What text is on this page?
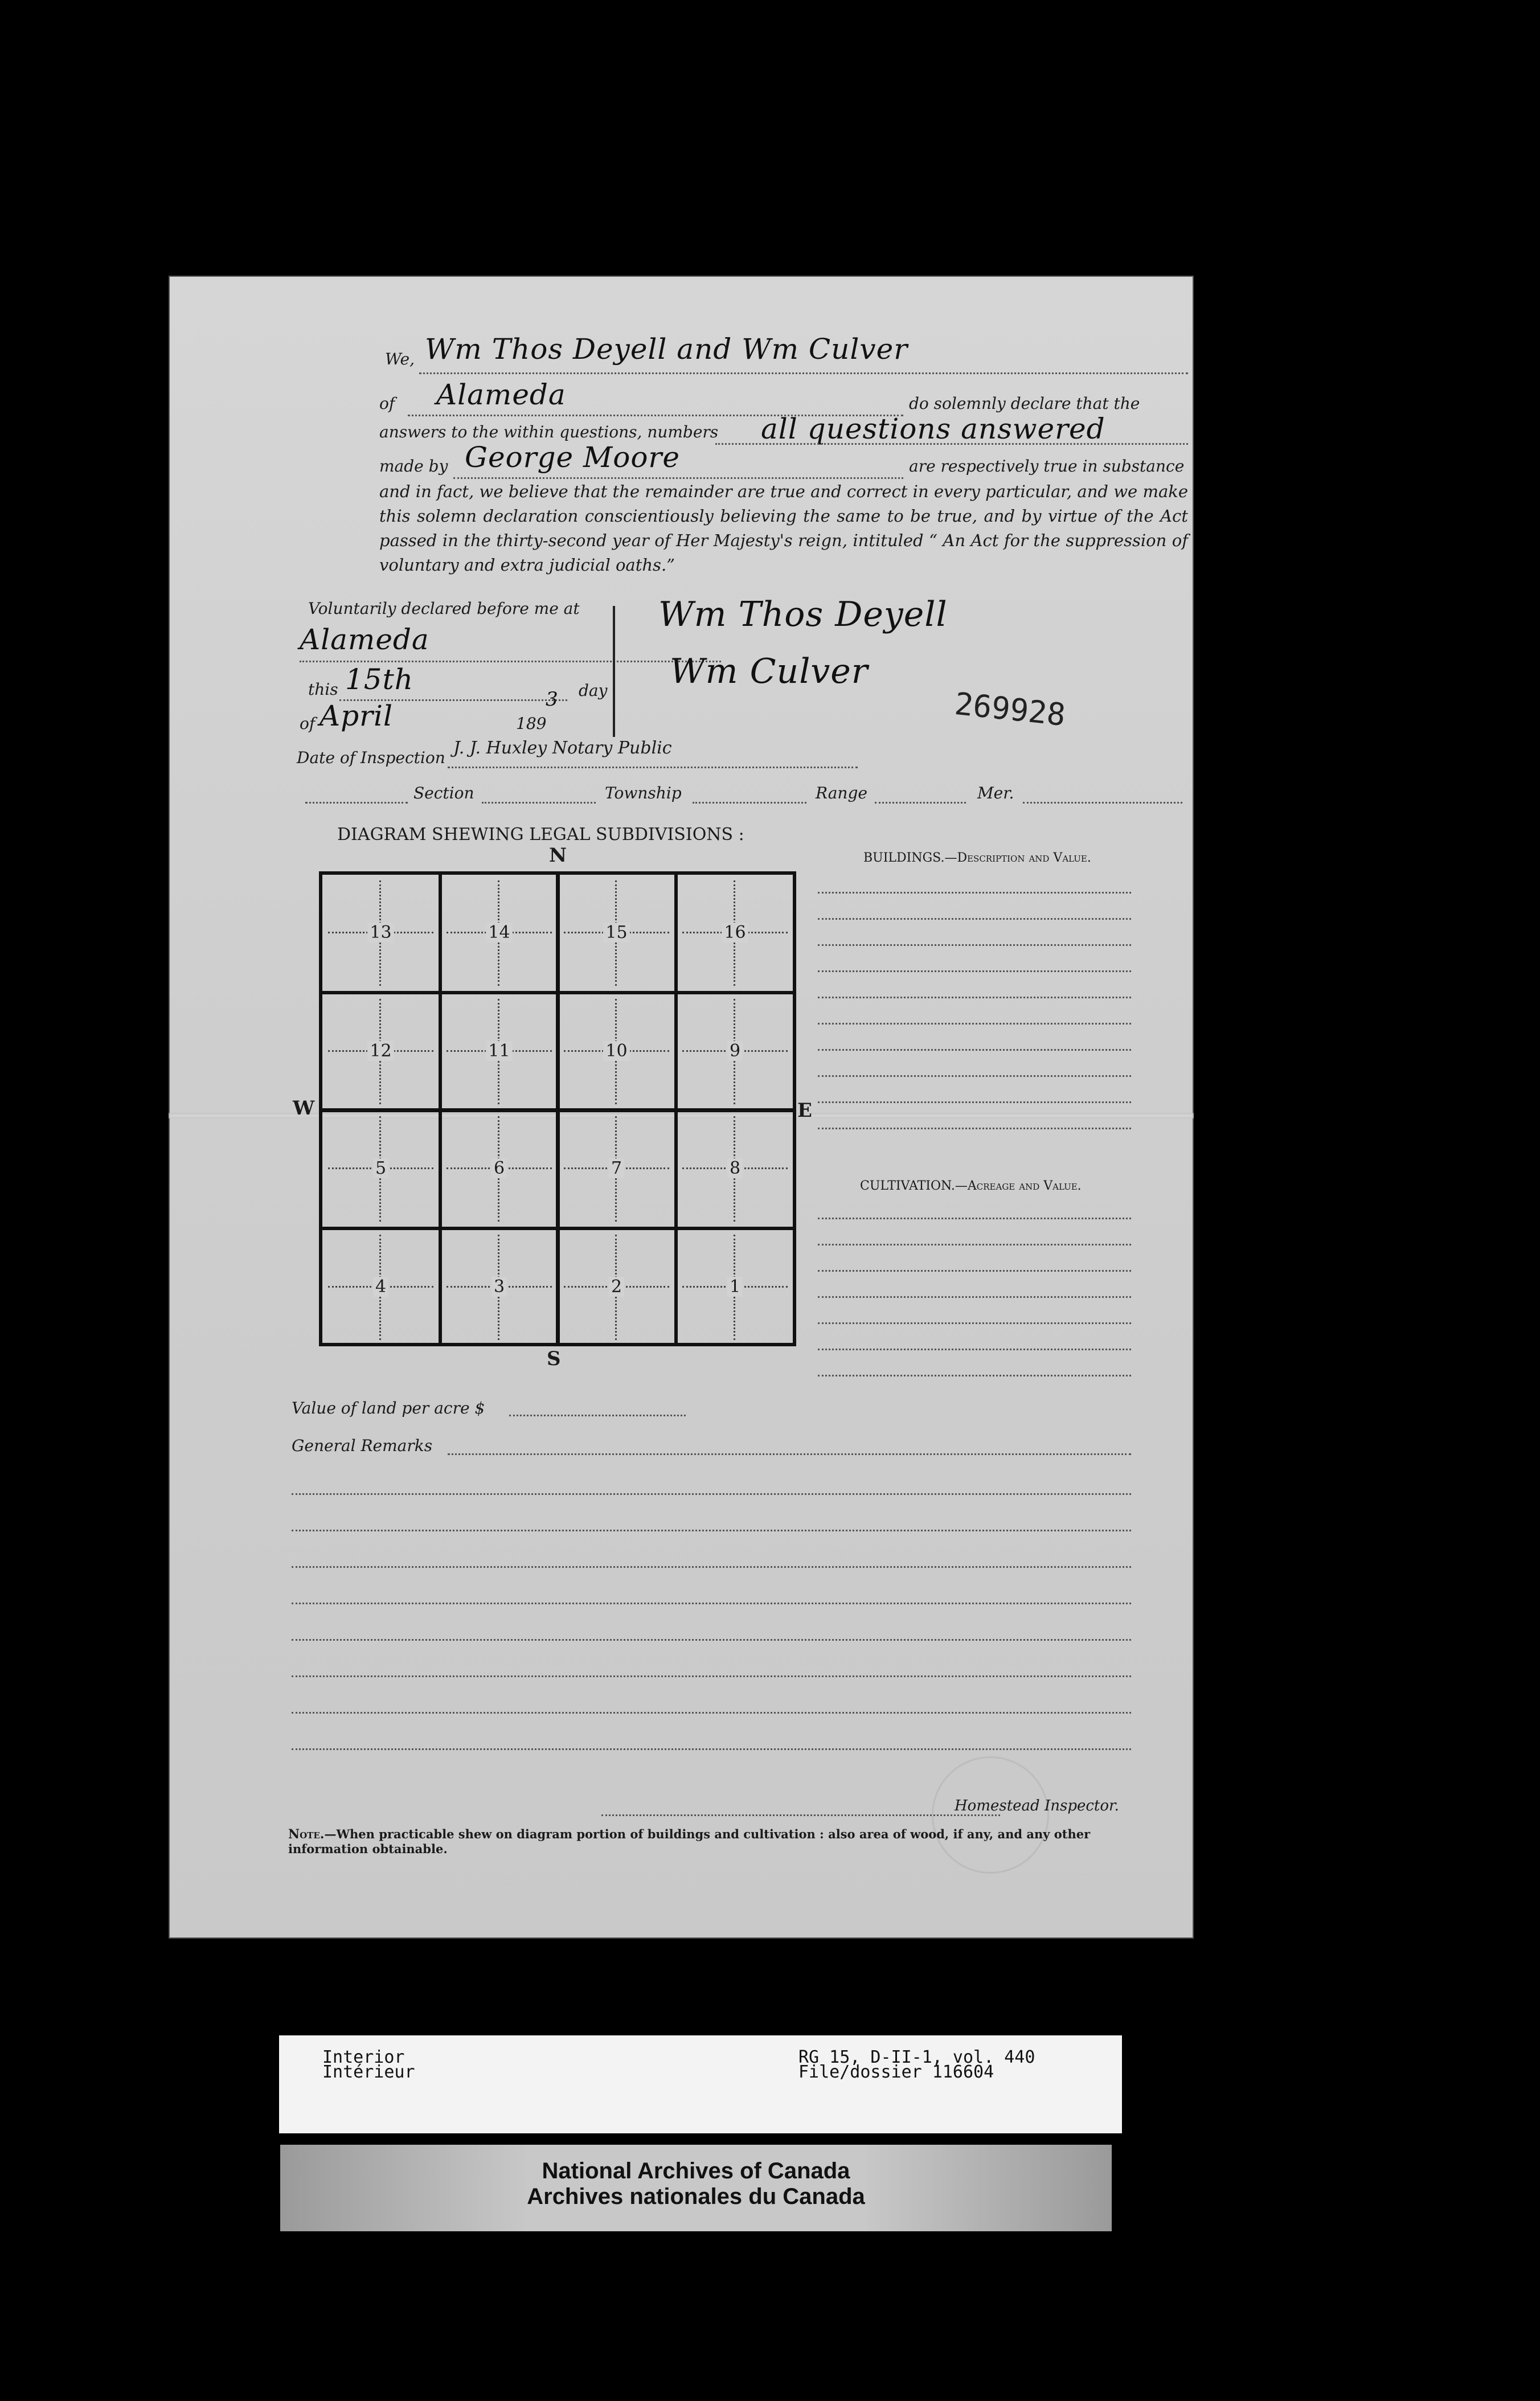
We, Wm Thos Deyell and Wm Culver
of Alameda	do solemnly declare that the
answers to the within questions, numbers all questions answered
made by George Moore	are respectively true in substance
and in fact, we believe that the remainder are true and correct in every particular, and we make this solemn declaration conscientiously believing the same to be true, and by virtue of the Act passed in the thirty-second year of Her Majesty's reign, intituled “ An Act for the suppression of voluntary and extra judicial oaths.”
Voluntarily declared before me at
Alameda
this 15th	day
of April	189
3
Wm Thos Deyell
Wm Culver
269928
Date of Inspection J. J. Huxley Notary Public
Section	Township	Range	Mer.
DIAGRAM SHEWING LEGAL SUBDIVISIONS :
N
S
W	E
13	14	15	16
12	11	10	9
5	6	7	8
4	3	2	1
BUILDINGS.—Description and Value.
CULTIVATION.—Acreage and Value.
Value of land per acre $
General Remarks
Homestead Inspector.
Note.—When practicable shew on diagram portion of buildings and cultivation : also area of wood, if any, and any other information obtainable.
Interior
Intérieur
RG 15, D-II-1, vol. 440
File/dossier 116604
National Archives of Canada
Archives nationales du Canada
